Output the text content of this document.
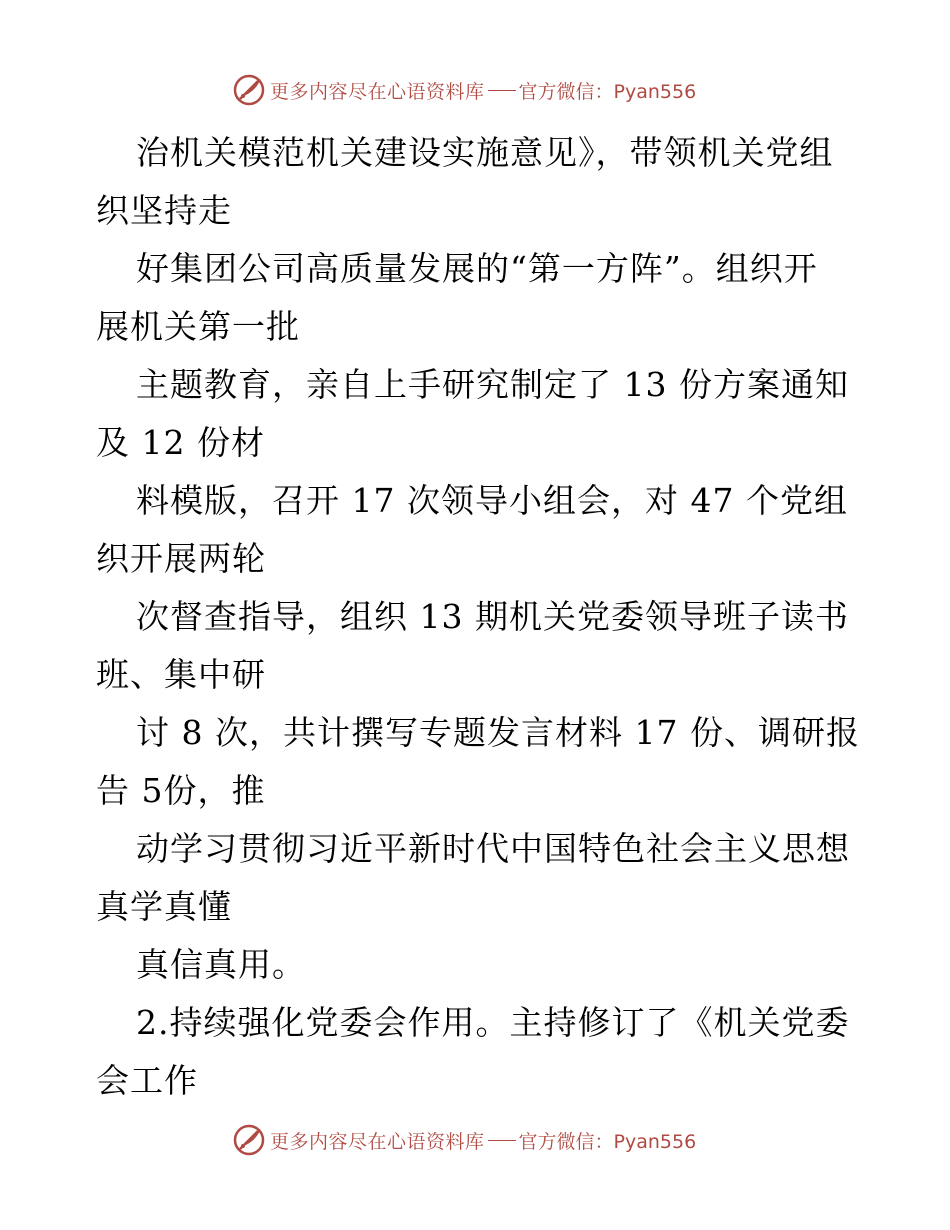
更多内容尽在心语资料库 官方微信：Pyan556
治机关模范机关建设实施意见》，带领机关党组
织坚持走
好集团公司高质量发展的“第一方阵”。组织开
展机关第一批
主题教育，亲自上手研究制定了 13 份方案通知
及 12 份材
料模版，召开 17 次领导小组会，对 47 个党组
织开展两轮
次督查指导，组织 13 期机关党委领导班子读书
班、集中研
讨 8 次，共计撰写专题发言材料 17 份、调研报
告 5份，推
动学习贯彻习近平新时代中国特色社会主义思想
真学真懂
真信真用。
2.持续强化党委会作用。主持修订了《机关党委
会工作
更多内容尽在心语资料库 官方微信：Pyan556
